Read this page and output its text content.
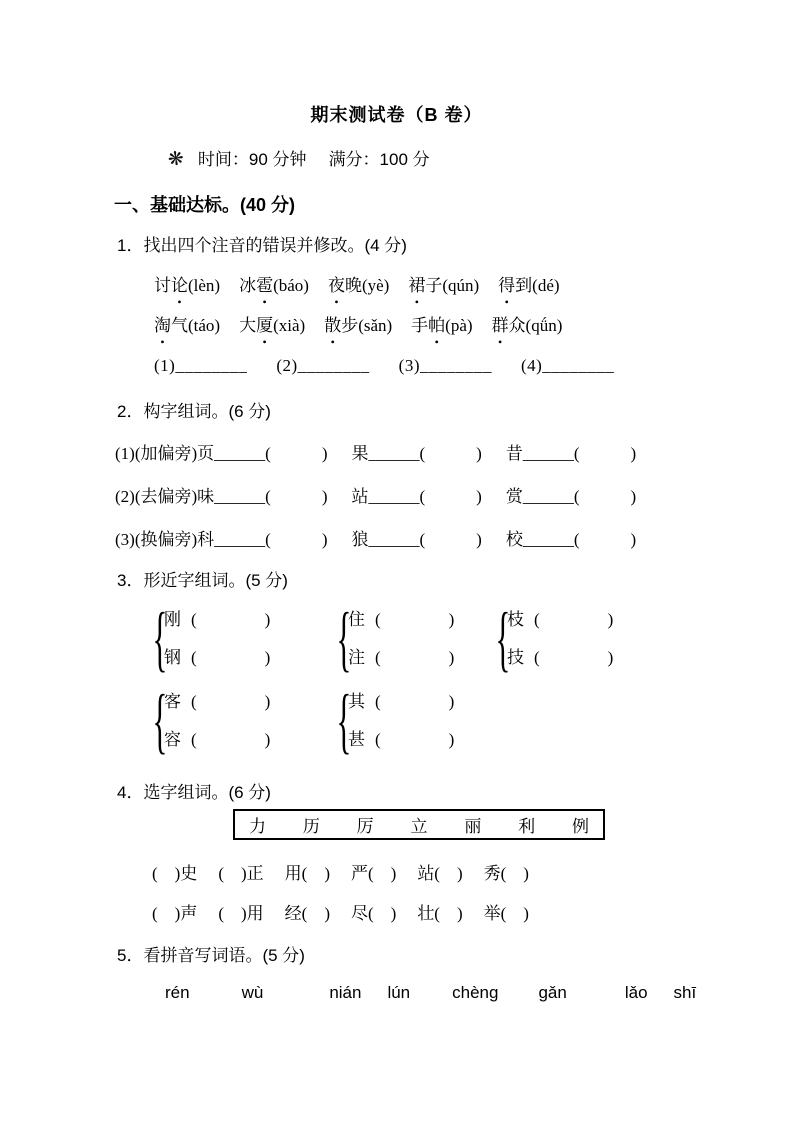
期末测试卷（B 卷）
❋ 时间：90 分钟 满分：100 分
一、基础达标。(40 分)
1．找出四个注音的错误并修改。(4 分)
讨论(lèn) 冰雹(báo) 夜晚(yè) 裙子(qún) 得到(dé)
淘气(táo) 大厦(xià) 散步(sǎn) 手帕(pà) 群众(qǘn)
(1)________ (2)________ (3)________ (4)________
2．构字组词。(6 分)
(1)(加偏旁) 页______(　　　) 果______(　　　) 昔______(　　　)
(2)(去偏旁) 味______(　　　) 站______(　　　) 赏______(　　　)
(3)(换偏旁) 科______(　　　) 狼______(　　　) 校______(　　　)
3．形近字组词。(5 分)
{
刚 (　　　　)
钢 (　　　　) {
住 (　　　　)
注 (　　　　) {
枝 (　　　　)
技 (　　　　)
{
客 (　　　　)
容 (　　　　) {
其 (　　　　)
甚 (　　　　)
4．选字组词。(6 分)
力 历 厉 立 丽 利 例
(　)史 (　)正 用(　) 严(　) 站(　) 秀(　)
(　)声 (　)用 经(　) 尽(　) 壮(　) 举(　)
5．看拼音写词语。(5 分)
rén	wù	nián lún chèng gǎn	lǎo shī
